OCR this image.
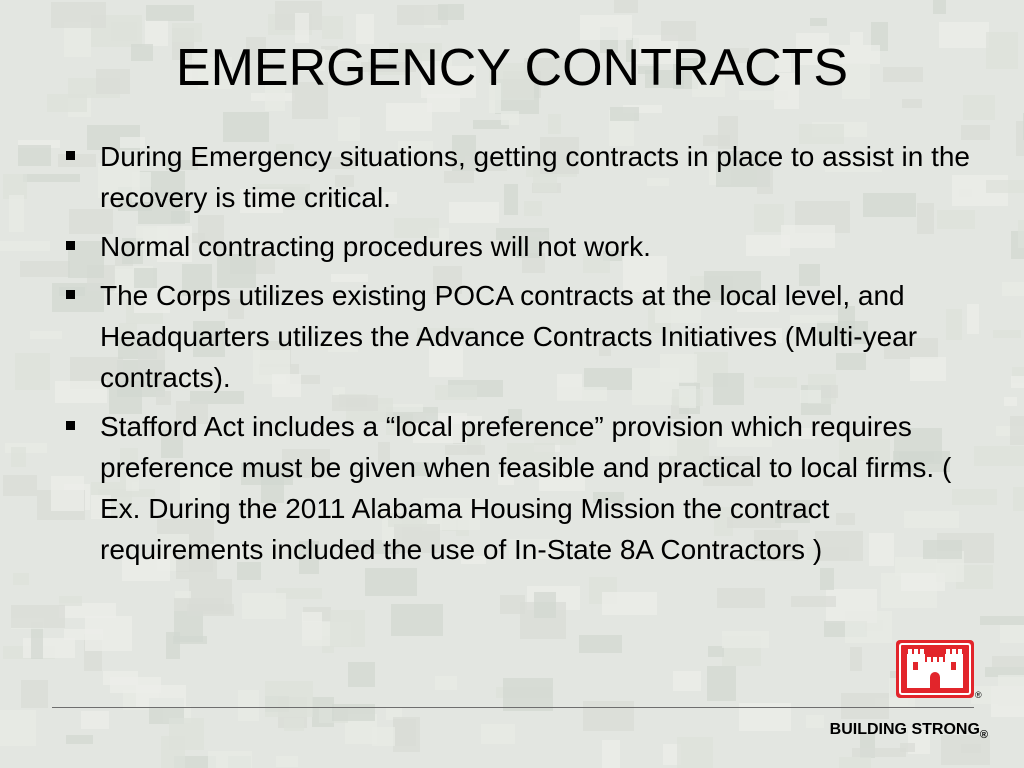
EMERGENCY CONTRACTS
During Emergency situations, getting contracts in place to assist in the recovery is time critical.
Normal contracting procedures will not work.
The Corps utilizes existing POCA contracts at the local level, and Headquarters utilizes the Advance Contracts Initiatives (Multi-year contracts).
Stafford Act includes a “local preference” provision which requires preference must be given when feasible and practical to local firms. ( Ex. During the 2011 Alabama Housing Mission the contract requirements included the use of In-State 8A Contractors )
®
BUILDING $STRONG_®$
